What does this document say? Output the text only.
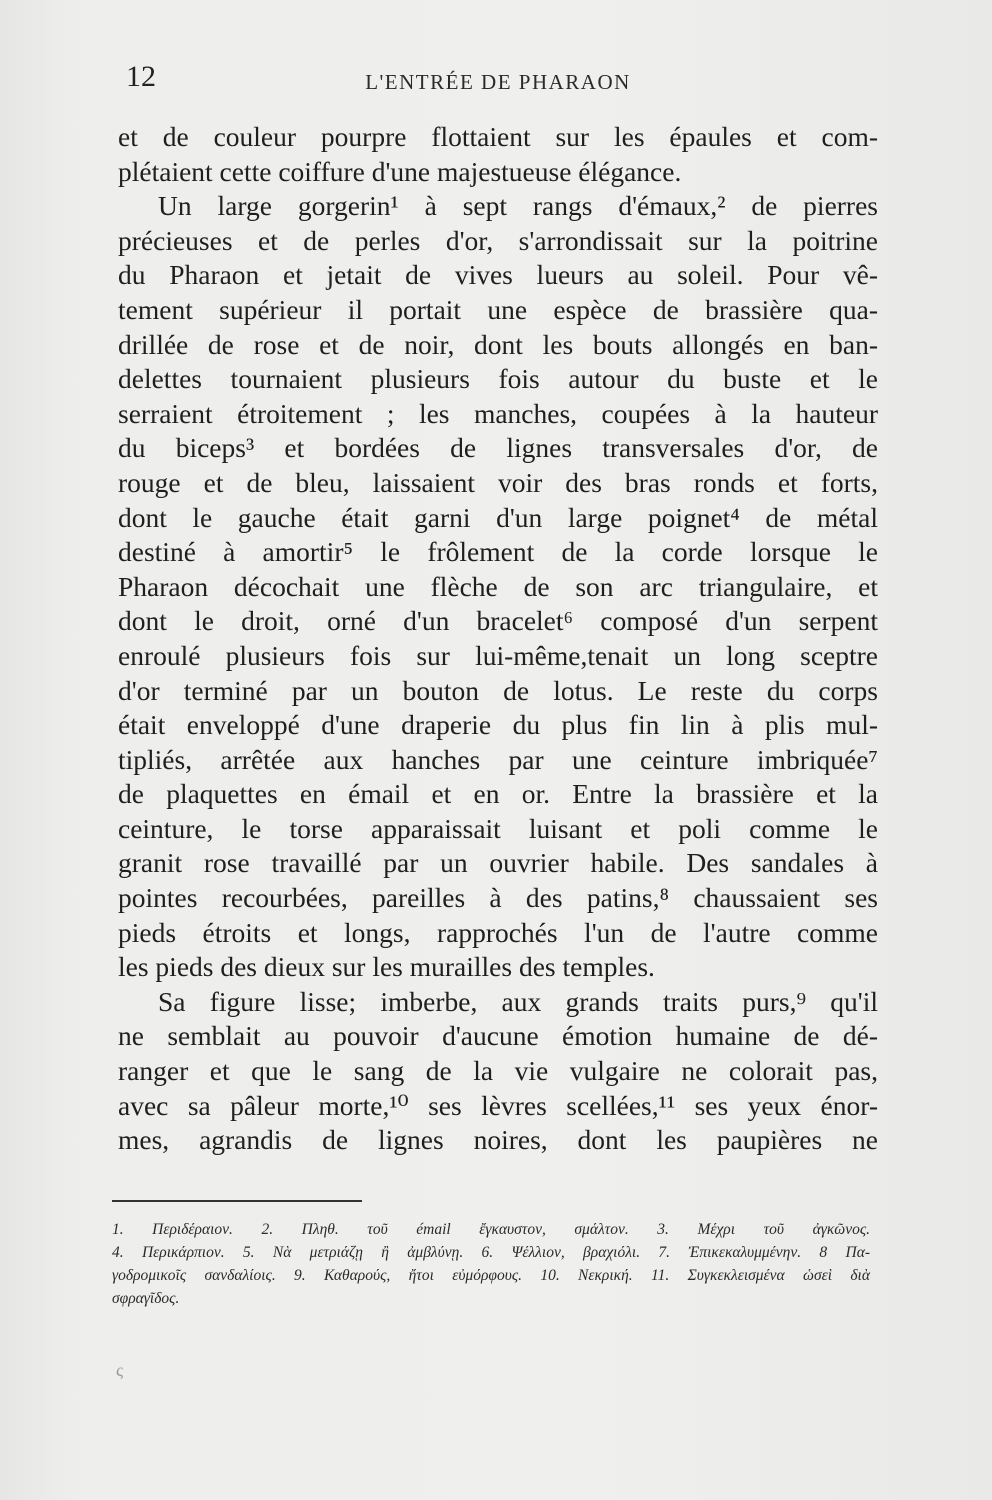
12	L'ENTRÉE DE PHARAON
et de couleur pourpre flottaient sur les épaules et com-
plétaient cette coiffure d'une majestueuse élégance.
Un large gorgerin¹ à sept rangs d'émaux,² de pierres
précieuses et de perles d'or, s'arrondissait sur la poitrine
du Pharaon et jetait de vives lueurs au soleil. Pour vê-
tement supérieur il portait une espèce de brassière qua-
drillée de rose et de noir, dont les bouts allongés en ban-
delettes tournaient plusieurs fois autour du buste et le
serraient étroitement ; les manches, coupées à la hauteur
du biceps³ et bordées de lignes transversales d'or, de
rouge et de bleu, laissaient voir des bras ronds et forts,
dont le gauche était garni d'un large poignet⁴ de métal
destiné à amortir⁵ le frôlement de la corde lorsque le
Pharaon décochait une flèche de son arc triangulaire, et
dont le droit, orné d'un bracelet⁶ composé d'un serpent
enroulé plusieurs fois sur lui-même,tenait un long sceptre
d'or terminé par un bouton de lotus. Le reste du corps
était enveloppé d'une draperie du plus fin lin à plis mul-
tipliés, arrêtée aux hanches par une ceinture imbriquée⁷
de plaquettes en émail et en or. Entre la brassière et la
ceinture, le torse apparaissait luisant et poli comme le
granit rose travaillé par un ouvrier habile. Des sandales à
pointes recourbées, pareilles à des patins,⁸ chaussaient ses
pieds étroits et longs, rapprochés l'un de l'autre comme
les pieds des dieux sur les murailles des temples.
Sa figure lisse; imberbe, aux grands traits purs,⁹ qu'il
ne semblait au pouvoir d'aucune émotion humaine de dé-
ranger et que le sang de la vie vulgaire ne colorait pas,
avec sa pâleur morte,¹⁰ ses lèvres scellées,¹¹ ses yeux énor-
mes, agrandis de lignes noires, dont les paupières ne
1. Περιδέραιον. 2. Πληθ. τοῦ émail ἔγκαυστον, σμάλτον. 3. Μέχρι τοῦ ἀγκῶνος.
4. Περικάρπιον. 5. Νὰ μετριάζῃ ἢ ἀμβλύνῃ. 6. Ψέλλιον, βραχιόλι. 7. Ἐπικεκαλυμμένην. 8 Πα-
γοδρομικοῖς σανδαλίοις. 9. Καθαρούς, ἤτοι εὐμόρφους. 10. Νεκρική. 11. Συγκεκλεισμένα ὡσεὶ διὰ
σφραγῖδος.
ς
